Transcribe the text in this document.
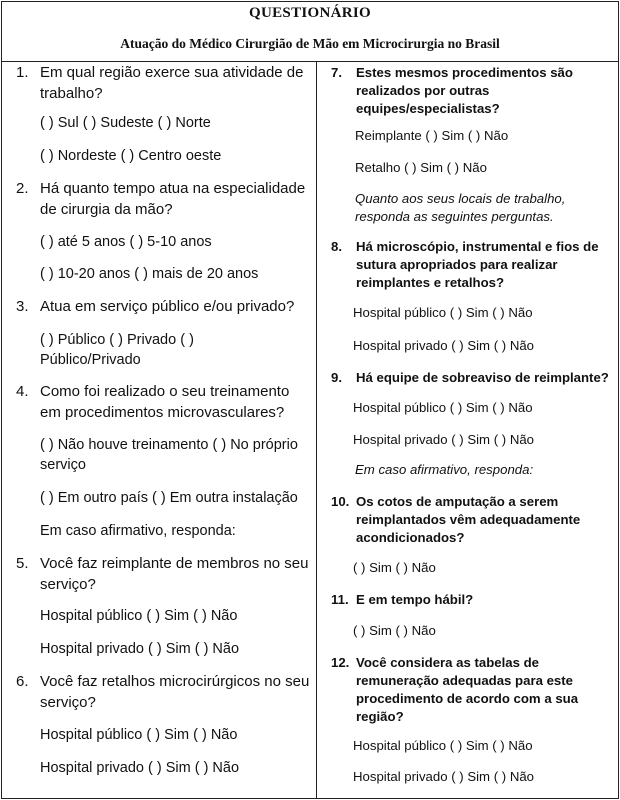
QUESTIONÁRIO
Atuação do Médico Cirurgião de Mão em Microcirurgia no Brasil
1. Em qual região exerce sua atividade de trabalho?
( ) Sul ( ) Sudeste ( ) Norte
( ) Nordeste ( ) Centro oeste
2. Há quanto tempo atua na especialidade de cirurgia da mão?
( ) até 5 anos ( ) 5-10 anos
( ) 10-20 anos ( ) mais de 20 anos
3. Atua em serviço público e/ou privado?
( ) Público ( ) Privado ( ) Público/Privado
4. Como foi realizado o seu treinamento em procedimentos microvasculares?
( ) Não houve treinamento ( ) No próprio serviço
( ) Em outro país ( ) Em outra instalação
Em caso afirmativo, responda:
5. Você faz reimplante de membros no seu serviço?
Hospital público ( ) Sim ( ) Não
Hospital privado ( ) Sim ( ) Não
6. Você faz retalhos microcirúrgicos no seu serviço?
Hospital público ( ) Sim ( ) Não
Hospital privado ( ) Sim ( ) Não
7.	Estes mesmos procedimentos são realizados por outras equipes/especialistas?
Reimplante ( ) Sim ( ) Não
Retalho ( ) Sim ( ) Não
Quanto aos seus locais de trabalho, responda as seguintes perguntas.
8.	Há microscópio, instrumental e fios de sutura apropriados para realizar reimplantes e retalhos?
Hospital público ( ) Sim ( ) Não
Hospital privado ( ) Sim ( ) Não
9.	Há equipe de sobreaviso de reimplante?
Hospital público ( ) Sim ( ) Não
Hospital privado ( ) Sim ( ) Não
Em caso afirmativo, responda:
10. Os cotos de amputação a serem reimplantados vêm adequadamente acondicionados?
( ) Sim ( ) Não
11. E em tempo hábil?
( ) Sim ( ) Não
12. Você considera as tabelas de remuneração adequadas para este procedimento de acordo com a sua região?
Hospital público ( ) Sim ( ) Não
Hospital privado ( ) Sim ( ) Não
